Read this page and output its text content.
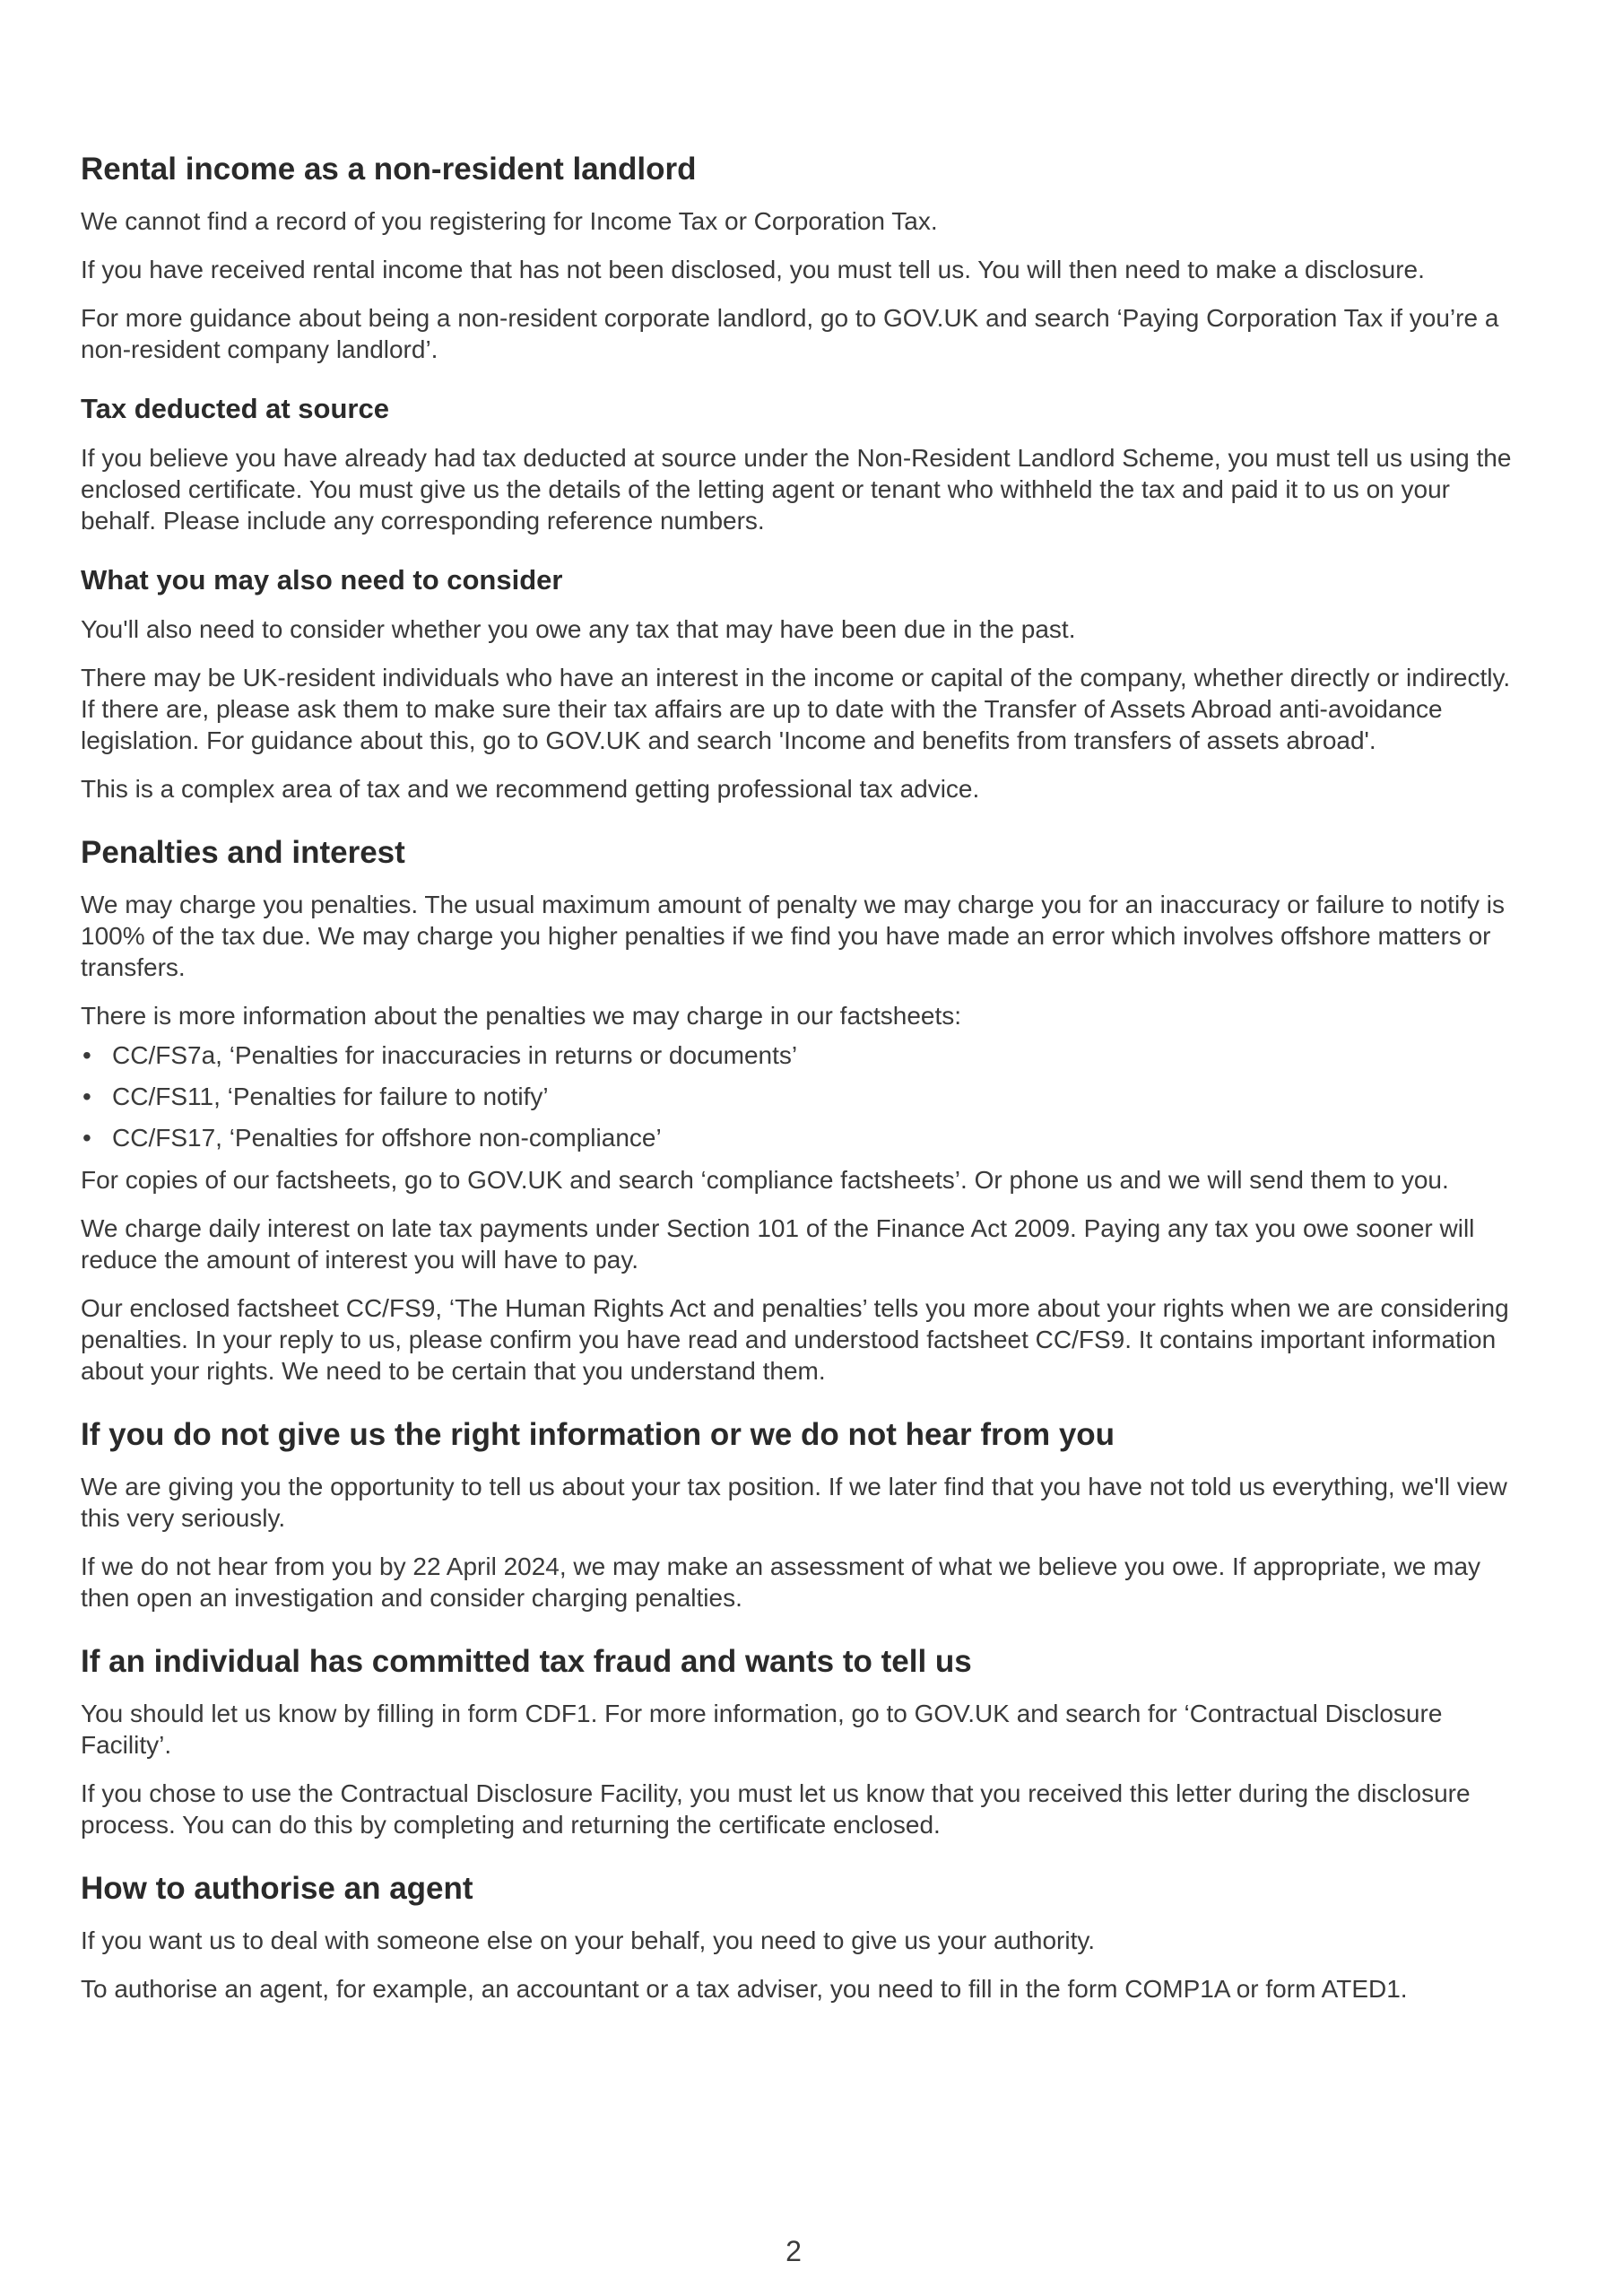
Rental income as a non-resident landlord

We cannot find a record of you registering for Income Tax or Corporation Tax.

If you have received rental income that has not been disclosed, you must tell us. You will then need to make a disclosure.

For more guidance about being a non-resident corporate landlord, go to GOV.UK and search ‘Paying Corporation Tax if you’re a non-resident company landlord’.

Tax deducted at source

If you believe you have already had tax deducted at source under the Non-Resident Landlord Scheme, you must tell us using the enclosed certificate. You must give us the details of the letting agent or tenant who withheld the tax and paid it to us on your behalf. Please include any corresponding reference numbers.

What you may also need to consider

You'll also need to consider whether you owe any tax that may have been due in the past.

There may be UK-resident individuals who have an interest in the income or capital of the company, whether directly or indirectly. If there are, please ask them to make sure their tax affairs are up to date with the Transfer of Assets Abroad anti-avoidance legislation. For guidance about this, go to GOV.UK and search 'Income and benefits from transfers of assets abroad'.

This is a complex area of tax and we recommend getting professional tax advice.

Penalties and interest

We may charge you penalties. The usual maximum amount of penalty we may charge you for an inaccuracy or failure to notify is 100% of the tax due. We may charge you higher penalties if we find you have made an error which involves offshore matters or transfers.

There is more information about the penalties we may charge in our factsheets:

• CC/FS7a, ‘Penalties for inaccuracies in returns or documents’
• CC/FS11, ‘Penalties for failure to notify’
• CC/FS17, ‘Penalties for offshore non-compliance’

For copies of our factsheets, go to GOV.UK and search ‘compliance factsheets’. Or phone us and we will send them to you.

We charge daily interest on late tax payments under Section 101 of the Finance Act 2009. Paying any tax you owe sooner will reduce the amount of interest you will have to pay.

Our enclosed factsheet CC/FS9, ‘The Human Rights Act and penalties’ tells you more about your rights when we are considering penalties. In your reply to us, please confirm you have read and understood factsheet CC/FS9. It contains important information about your rights. We need to be certain that you understand them.

If you do not give us the right information or we do not hear from you

We are giving you the opportunity to tell us about your tax position. If we later find that you have not told us everything, we'll view this very seriously.

If we do not hear from you by 22 April 2024, we may make an assessment of what we believe you owe. If appropriate, we may then open an investigation and consider charging penalties.

If an individual has committed tax fraud and wants to tell us

You should let us know by filling in form CDF1. For more information, go to GOV.UK and search for ‘Contractual Disclosure Facility’.

If you chose to use the Contractual Disclosure Facility, you must let us know that you received this letter during the disclosure process. You can do this by completing and returning the certificate enclosed.

How to authorise an agent

If you want us to deal with someone else on your behalf, you need to give us your authority.

To authorise an agent, for example, an accountant or a tax adviser, you need to fill in the form COMP1A or form ATED1.

2
